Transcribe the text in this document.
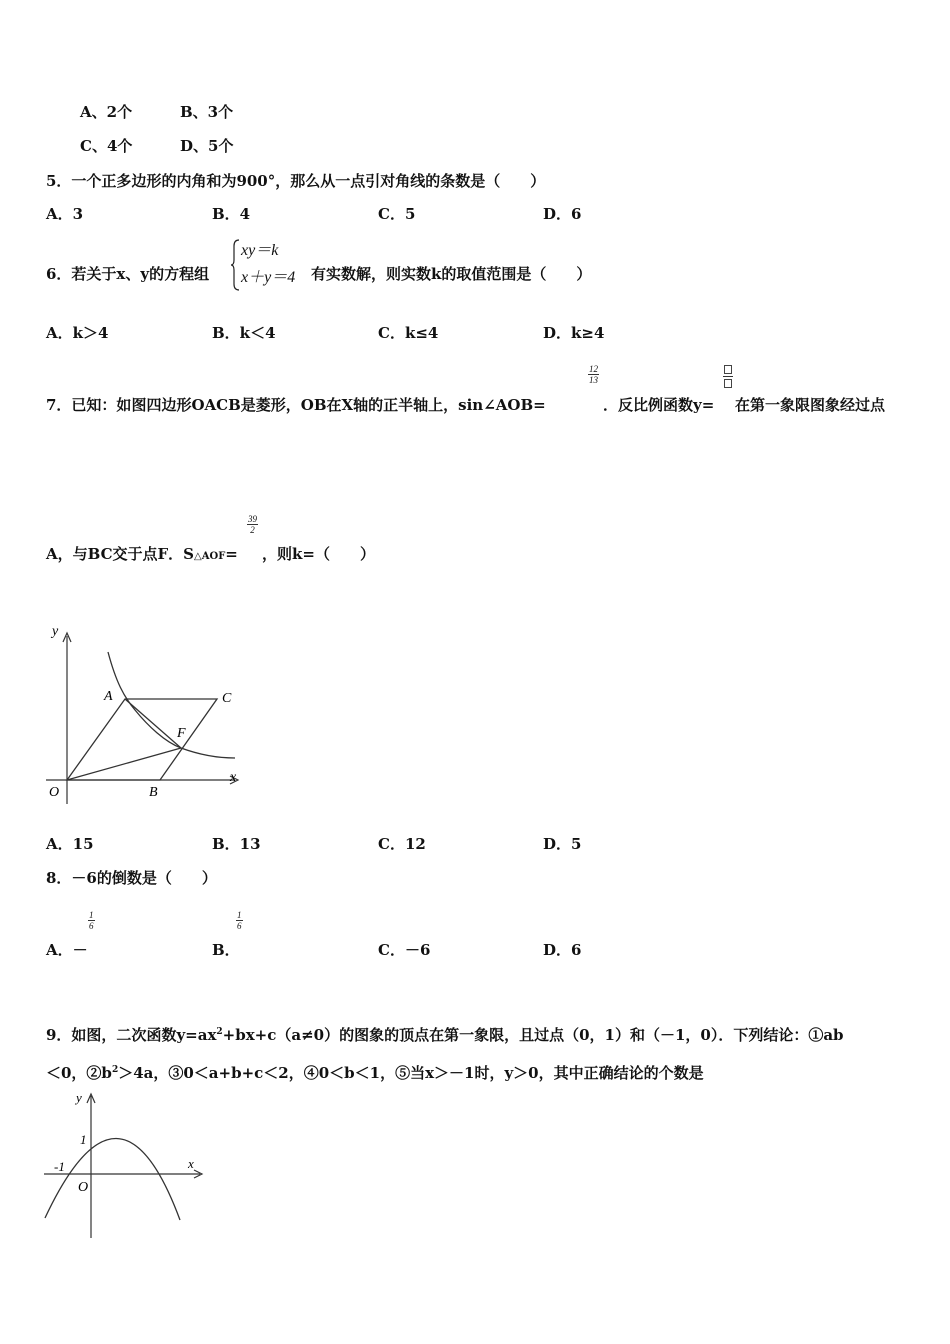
A、2个	B、3个
C、4个	D、5个
5．一个正多边形的内角和为900°，那么从一点引对角线的条数是（　　）
A．3	B．4	C．5	D．6
6．若关于x、y的方程组
xy＝k
x＋y＝4 有实数解，则实数k的取值范围是（　　）
A．k＞4	B．k＜4	C．k≤4	D．k≥4
7．已知：如图四边形OACB是菱形，OB在X轴的正半轴上，sin∠AOB=
$\frac{12}{13}$
．反比例函数y= 在第一象限图象经过点
A，与BC交于点F．S△AOF=
$\frac{39}{2}$
，则k=（　　）
y
x
O
A	C
F
B
A．15	B．13	C．12	D．5
8．－6的倒数是（　　）
A．－
$\frac{1}{6}$
B．
$\frac{1}{6}$
C．－6	D．6
9．如图，二次函数$y=ax^2+bx+c(a\ne 0)$的图象的顶点在第一象限，且过点（0，1）和（－1，0）．下列结论：①ab
＜0，$②b^2>4a$，③0＜a+b+c＜2，④0＜b＜1，⑤当x＞－1时，y＞0，其中正确结论的个数是
y
x
O
1
-1
